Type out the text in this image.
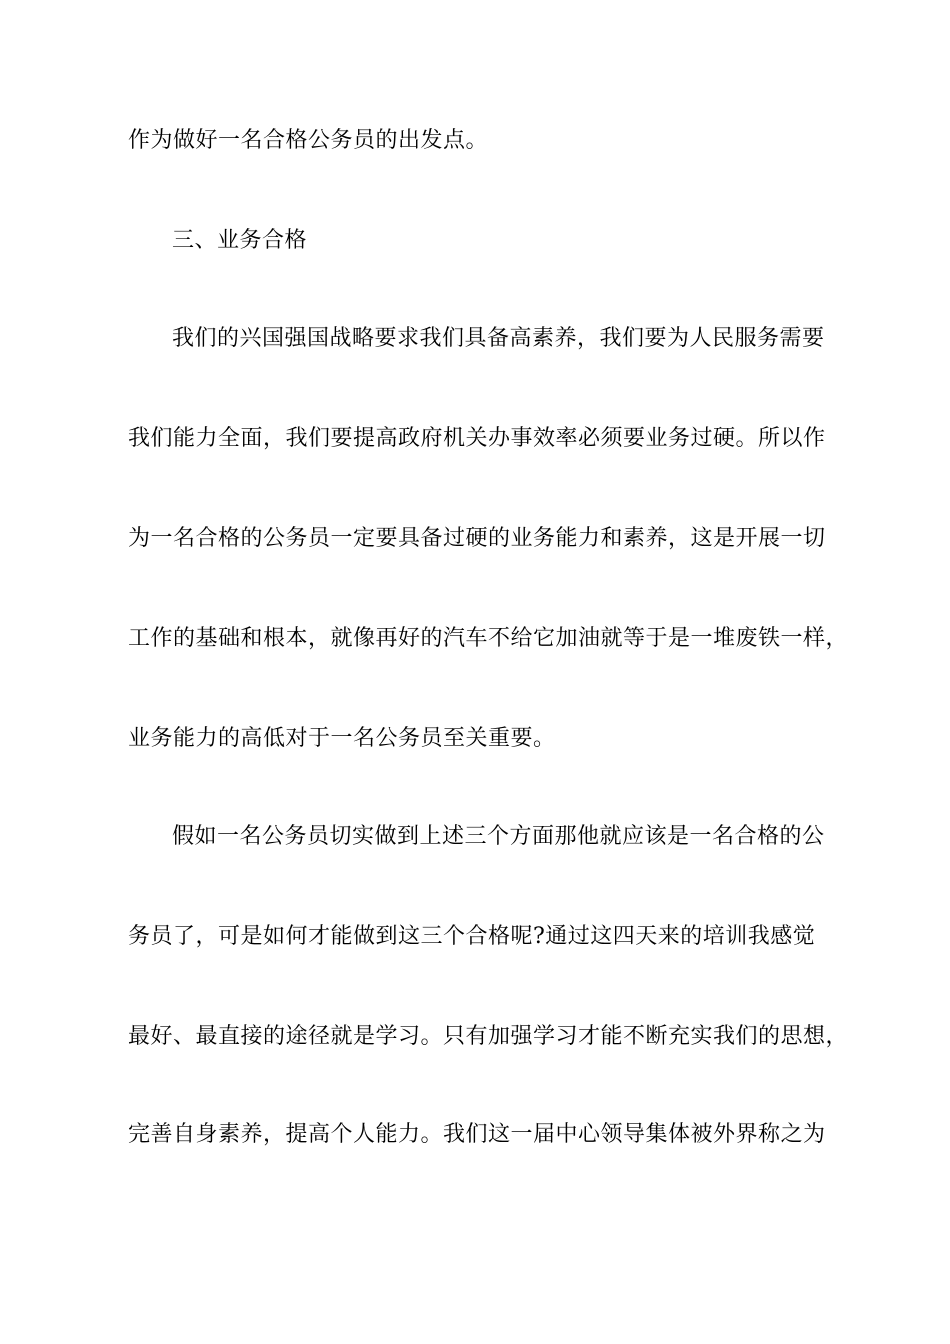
作为做好一名合格公务员的出发点。
三、业务合格
我们的兴国强国战略要求我们具备高素养，我们要为人民服务需要
我们能力全面，我们要提高政府机关办事效率必须要业务过硬。所以作
为一名合格的公务员一定要具备过硬的业务能力和素养，这是开展一切
工作的基础和根本，就像再好的汽车不给它加油就等于是一堆废铁一样，
业务能力的高低对于一名公务员至关重要。
假如一名公务员切实做到上述三个方面那他就应该是一名合格的公
务员了，可是如何才能做到这三个合格呢?通过这四天来的培训我感觉
最好、最直接的途径就是学习。只有加强学习才能不断充实我们的思想，
完善自身素养，提高个人能力。我们这一届中心领导集体被外界称之为
